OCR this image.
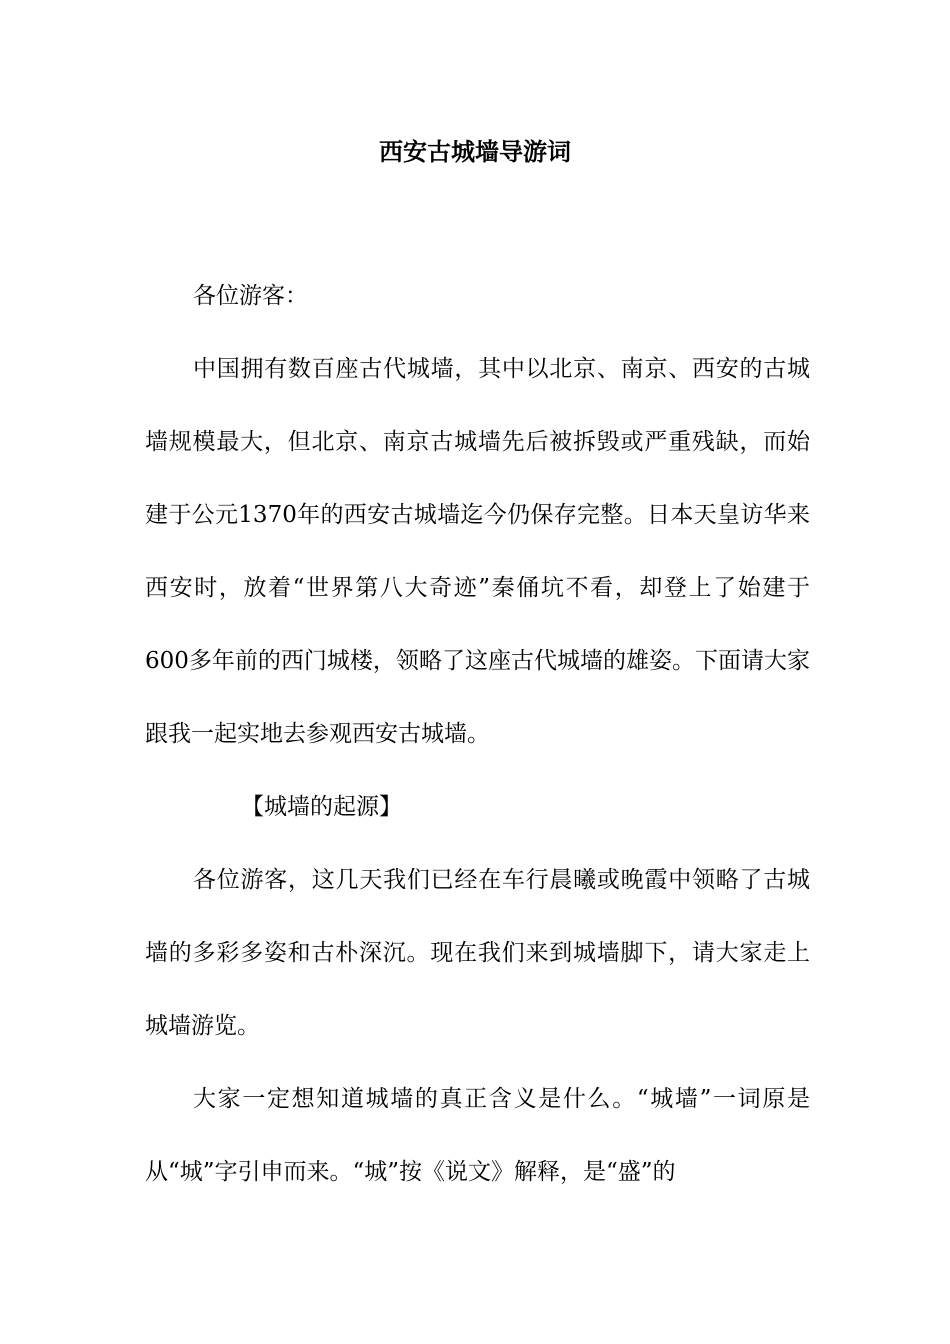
西安古城墙导游词

各位游客：

中国拥有数百座古代城墙，其中以北京、南京、西安的古城墙规模最大，但北京、南京古城墙先后被拆毁或严重残缺，而始建于公元1370年的西安古城墙迄今仍保存完整。日本天皇访华来西安时，放着“世界第八大奇迹”秦俑坑不看，却登上了始建于600多年前的西门城楼，领略了这座古代城墙的雄姿。下面请大家跟我一起实地去参观西安古城墙。

【城墙的起源】

各位游客，这几天我们已经在车行晨曦或晚霞中领略了古城墙的多彩多姿和古朴深沉。现在我们来到城墙脚下，请大家走上城墙游览。

大家一定想知道城墙的真正含义是什么。“城墙”一词原是从“城”字引申而来。“城”按《说文》解释，是“盛”的
